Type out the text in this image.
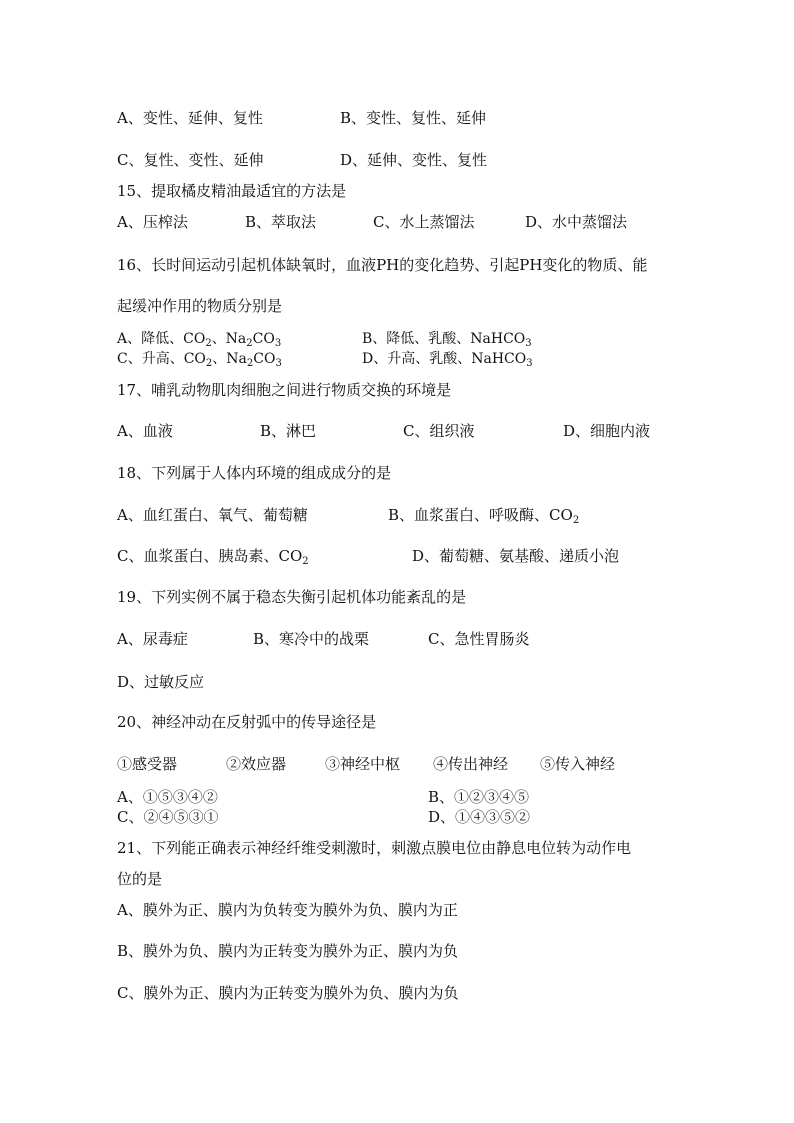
A、变性、延伸、复性	B、变性、复性、延伸
C、复性、变性、延伸	D、延伸、变性、复性
15、提取橘皮精油最适宜的方法是
A、压榨法	B、萃取法	C、水上蒸馏法	D、水中蒸馏法
16、长时间运动引起机体缺氧时，血液PH的变化趋势、引起PH变化的物质、能
起缓冲作用的物质分别是
A、降低、$CO_2$、$Na_2CO_3$	B、降低、乳酸、NaHCO$_3$
C、升高、$CO_2$、$Na_2CO_3$	D、升高、乳酸、NaHCO$_3$
17、哺乳动物肌肉细胞之间进行物质交换的环境是
A、血液	B、淋巴	C、组织液	D、细胞内液
18、下列属于人体内环境的组成成分的是
A、血红蛋白、氧气、葡萄糖	B、血浆蛋白、呼吸酶、$CO_2$
C、血浆蛋白、胰岛素、$CO_2$	D、葡萄糖、氨基酸、递质小泡
19、下列实例不属于稳态失衡引起机体功能紊乱的是
A、尿毒症	B、寒冷中的战栗	C、急性胃肠炎
D、过敏反应
20、神经冲动在反射弧中的传导途径是
①感受器	②效应器	③神经中枢 ④传出神经 ⑤传入神经
A、①⑤③④②	B、①②③④⑤
C、②④⑤③①	D、①④③⑤②
21、下列能正确表示神经纤维受刺激时，刺激点膜电位由静息电位转为动作电
位的是
A、膜外为正、膜内为负转变为膜外为负、膜内为正
B、膜外为负、膜内为正转变为膜外为正、膜内为负
C、膜外为正、膜内为正转变为膜外为负、膜内为负
